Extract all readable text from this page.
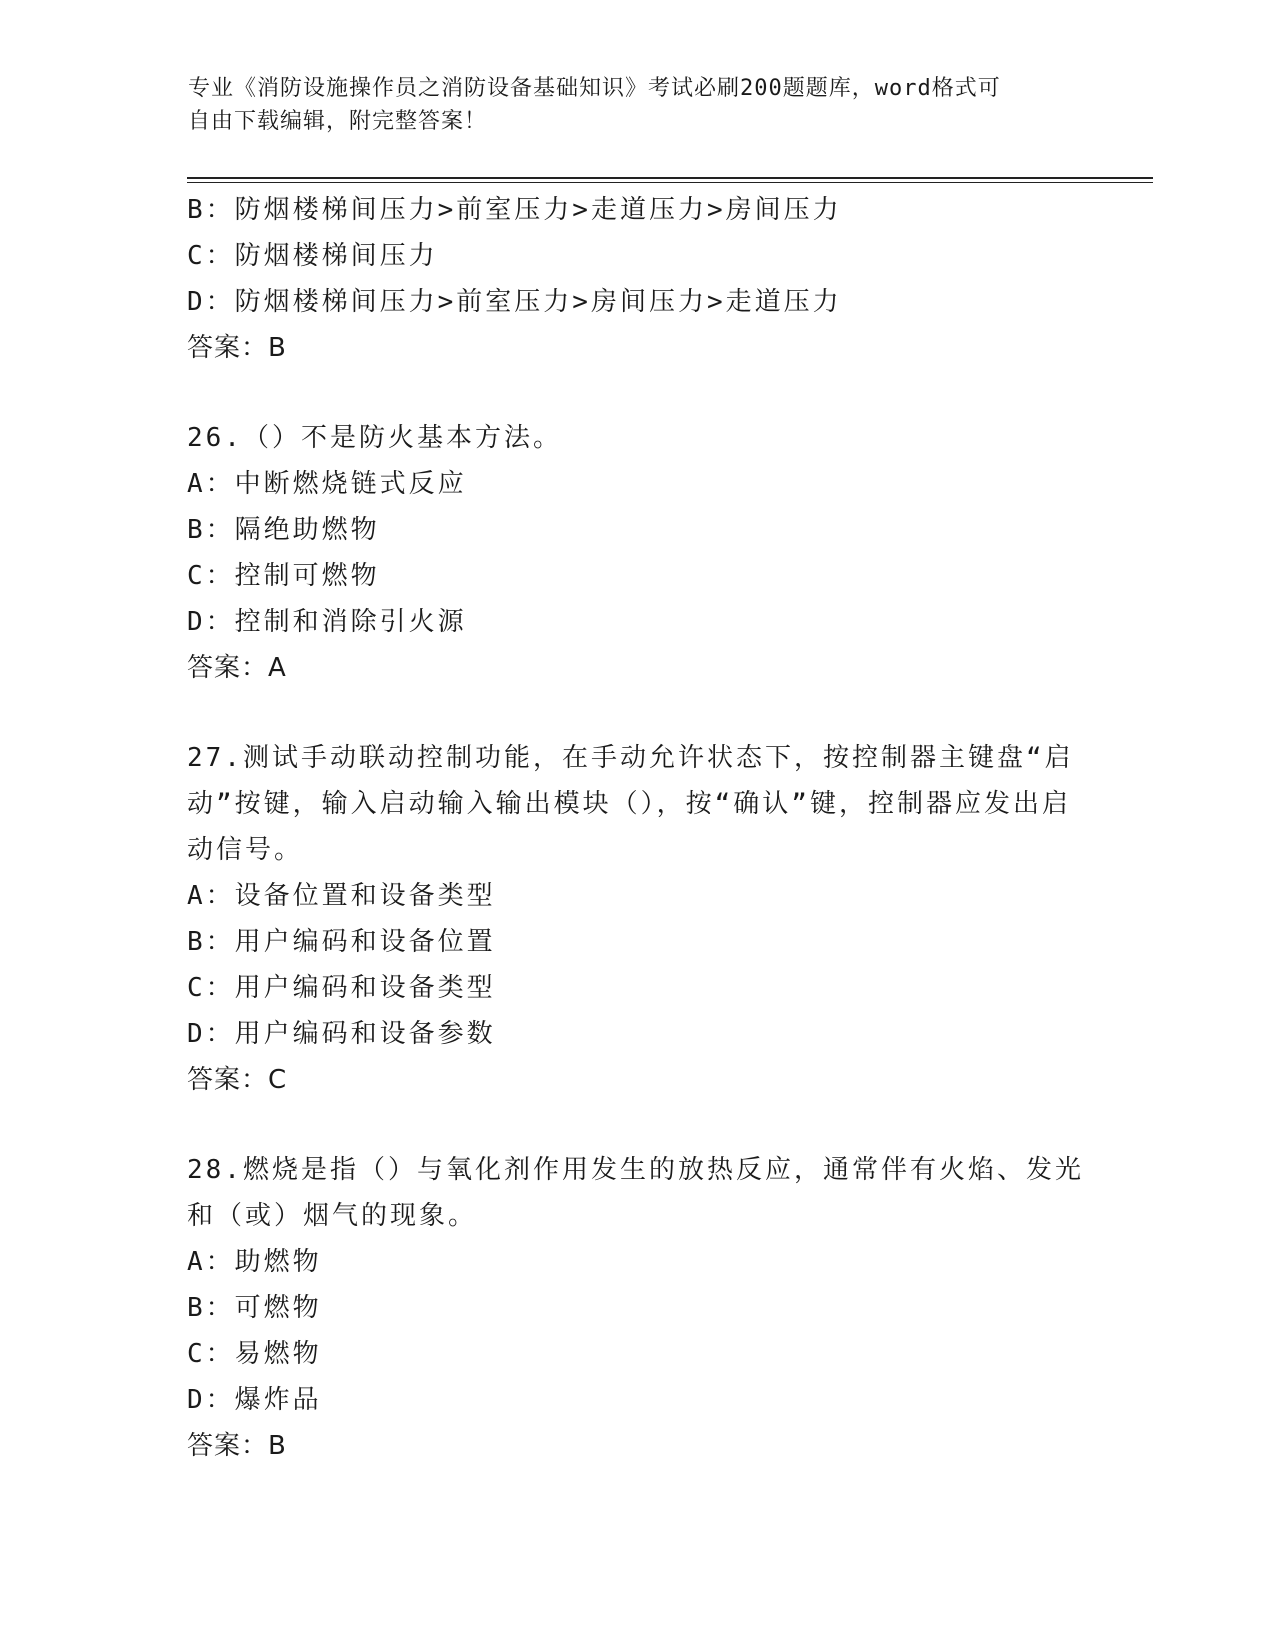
专业《消防设施操作员之消防设备基础知识》考试必刷200题题库，word格式可
自由下载编辑，附完整答案！
B：防烟楼梯间压力>前室压力>走道压力>房间压力
C：防烟楼梯间压力
D：防烟楼梯间压力>前室压力>房间压力>走道压力
答案：B
26.（）不是防火基本方法。
A：中断燃烧链式反应
B：隔绝助燃物
C：控制可燃物
D：控制和消除引火源
答案：A
27.测试手动联动控制功能，在手动允许状态下，按控制器主键盘“启动”按键，输入启动输入输出模块（），按“确认”键，控制器应发出启动信号。
A：设备位置和设备类型
B：用户编码和设备位置
C：用户编码和设备类型
D：用户编码和设备参数
答案：C
28.燃烧是指（）与氧化剂作用发生的放热反应，通常伴有火焰、发光和（或）烟气的现象。
A：助燃物
B：可燃物
C：易燃物
D：爆炸品
答案：B
